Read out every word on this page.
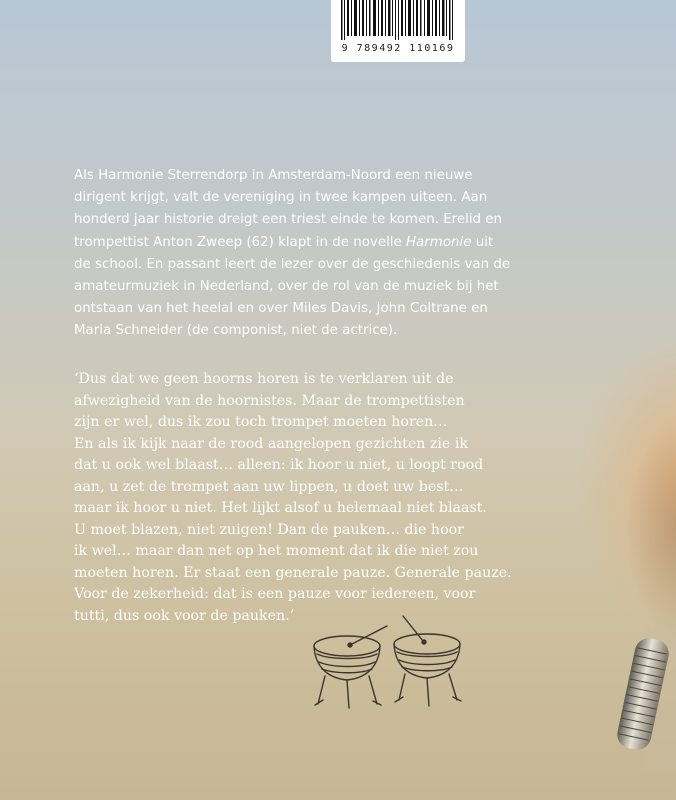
9 789492 110169

Als Harmonie Sterrendorp in Amsterdam-Noord een nieuwe

dirigent krijgt, valt de vereniging in twee kampen uiteen. Aan

honderd jaar historie dreigt een triest einde te komen. Erelid en

trompettist Anton Zweep (62) klapt in de novelle Harmonie uit

de school. En passant leert de lezer over de geschiedenis van de

amateurmuziek in Nederland, over de rol van de muziek bij het

ontstaan van het heelal en over Miles Davis, John Coltrane en

Maria Schneider (de componist, niet de actrice).

‘Dus dat we geen hoorns horen is te verklaren uit de

afwezigheid van de hoornistes. Maar de trompettisten

zijn er wel, dus ik zou toch trompet moeten horen…

En als ik kijk naar de rood aangelopen gezichten zie ik

dat u ook wel blaast… alleen: ik hoor u niet, u loopt rood

aan, u zet de trompet aan uw lippen, u doet uw best…

maar ik hoor u niet. Het lijkt alsof u helemaal niet blaast.

U moet blazen, niet zuigen! Dan de pauken… die hoor

ik wel… maar dan net op het moment dat ik die niet zou

moeten horen. Er staat een generale pauze. Generale pauze.

Voor de zekerheid: dat is een pauze voor iedereen, voor

tutti, dus ook voor de pauken.’
